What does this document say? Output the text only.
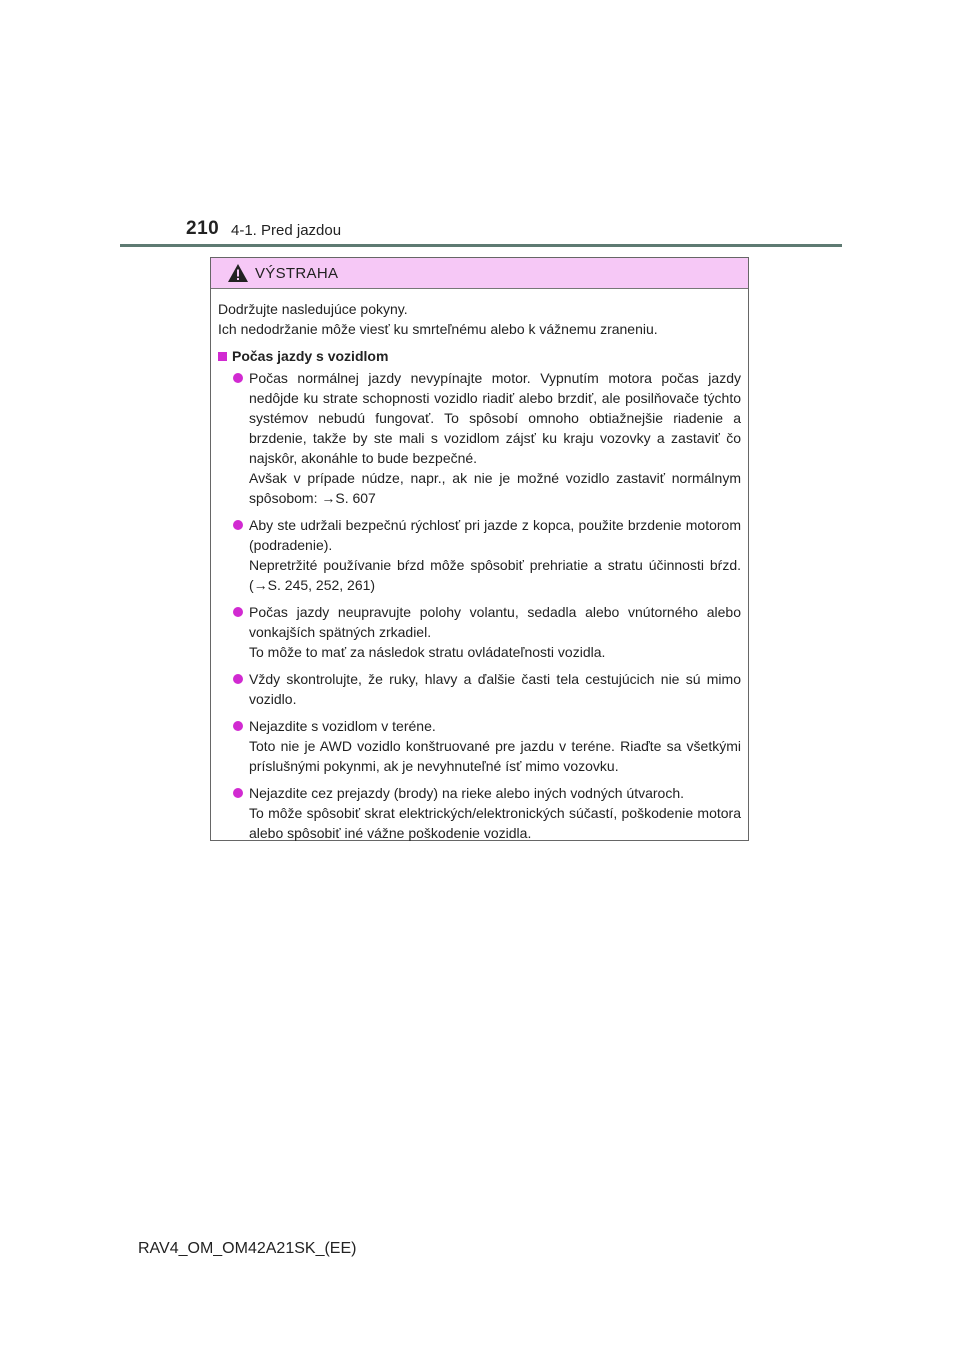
210 4-1. Pred jazdou
VÝSTRAHA

Dodržujte nasledujúce pokyny.

Ich nedodržanie môže viesť ku smrteľnému alebo k vážnemu zraneniu.

Počas jazdy s vozidlom

Počas normálnej jazdy nevypínajte motor. Vypnutím motora počas jazdy nedôjde ku strate schopnosti vozidlo riadiť alebo brzdiť, ale posilňovače týchto systémov nebudú fungovať. To spôsobí omnoho obtiažnejšie riadenie a brzdenie, takže by ste mali s vozidlom zájsť ku kraju vozovky a zastaviť čo najskôr, akonáhle to bude bezpečné.

Avšak v prípade núdze, napr., ak nie je možné vozidlo zastaviť normálnym spôsobom: →S. 607

Aby ste udržali bezpečnú rýchlosť pri jazde z kopca, použite brzdenie motorom (podradenie).

Nepretržité používanie bŕzd môže spôsobiť prehriatie a stratu účinnosti bŕzd. (→S. 245, 252, 261)

Počas jazdy neupravujte polohy volantu, sedadla alebo vnútorného alebo vonkajších spätných zrkadiel.

To môže to mať za následok stratu ovládateľnosti vozidla.

Vždy skontrolujte, že ruky, hlavy a ďalšie časti tela cestujúcich nie sú mimo vozidlo.

Nejazdite s vozidlom v teréne.

Toto nie je AWD vozidlo konštruované pre jazdu v teréne. Riaďte sa všetkými príslušnými pokynmi, ak je nevyhnuteľné ísť mimo vozovku.

Nejazdite cez prejazdy (brody) na rieke alebo iných vodných útvaroch.

To môže spôsobiť skrat elektrických/elektronických súčastí, poškodenie motora alebo spôsobiť iné vážne poškodenie vozidla.

RAV4_OM_OM42A21SK_(EE)
